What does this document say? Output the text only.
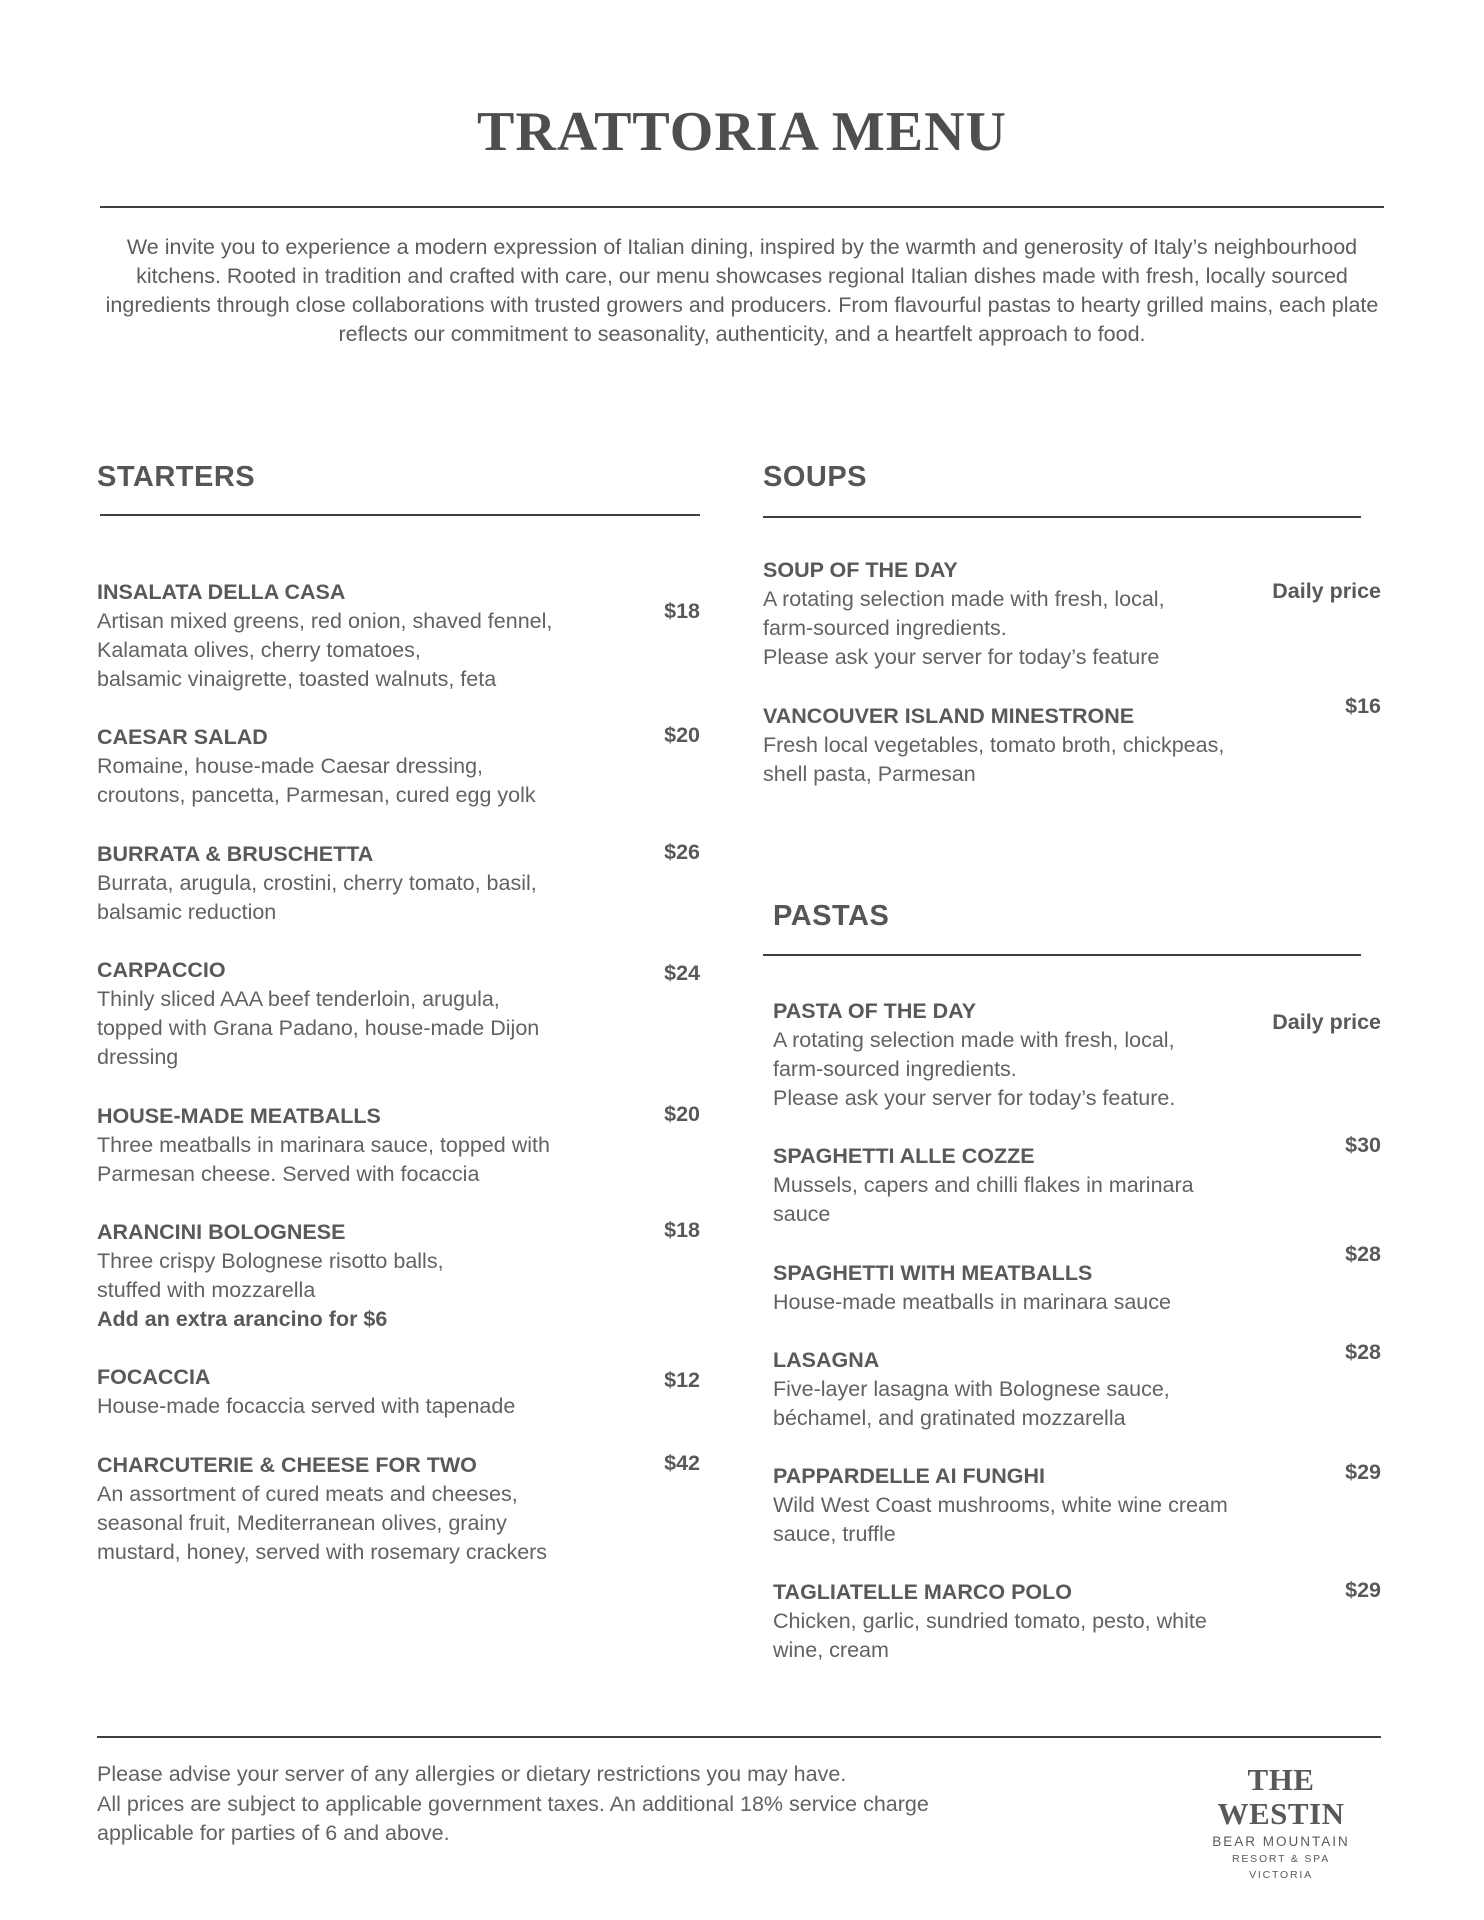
TRATTORIA MENU
We invite you to experience a modern expression of Italian dining, inspired by the warmth and generosity of Italy’s neighbourhood kitchens. Rooted in tradition and crafted with care, our menu showcases regional Italian dishes made with fresh, locally sourced ingredients through close collaborations with trusted growers and producers. From flavourful pastas to hearty grilled mains, each plate reflects our commitment to seasonality, authenticity, and a heartfelt approach to food.
STARTERS
INSALATA DELLA CASA
Artisan mixed greens, red onion, shaved fennel,
Kalamata olives, cherry tomatoes,
balsamic vinaigrette, toasted walnuts, feta
$18
CAESAR SALAD
Romaine, house-made Caesar dressing,
croutons, pancetta, Parmesan, cured egg yolk
$20
BURRATA & BRUSCHETTA
Burrata, arugula, crostini, cherry tomato, basil,
balsamic reduction
$26
CARPACCIO
Thinly sliced AAA beef tenderloin, arugula,
topped with Grana Padano, house-made Dijon
dressing
$24
HOUSE-MADE MEATBALLS
Three meatballs in marinara sauce, topped with
Parmesan cheese. Served with focaccia
$20
ARANCINI BOLOGNESE
Three crispy Bolognese risotto balls,
stuffed with mozzarella
Add an extra arancino for $6
$18
FOCACCIA
House-made focaccia served with tapenade
$12
CHARCUTERIE & CHEESE FOR TWO
An assortment of cured meats and cheeses,
seasonal fruit, Mediterranean olives, grainy
mustard, honey, served with rosemary crackers
$42
SOUPS
SOUP OF THE DAY
A rotating selection made with fresh, local,
farm-sourced ingredients.
Please ask your server for today’s feature
Daily price
VANCOUVER ISLAND MINESTRONE
Fresh local vegetables, tomato broth, chickpeas,
shell pasta, Parmesan
$16
PASTAS
PASTA OF THE DAY
A rotating selection made with fresh, local,
farm-sourced ingredients.
Please ask your server for today’s feature.
Daily price
SPAGHETTI ALLE COZZE
Mussels, capers and chilli flakes in marinara
sauce
$30
SPAGHETTI WITH MEATBALLS
House-made meatballs in marinara sauce
$28
LASAGNA
Five-layer lasagna with Bolognese sauce,
béchamel, and gratinated mozzarella
$28
PAPPARDELLE AI FUNGHI
Wild West Coast mushrooms, white wine cream
sauce, truffle
$29
TAGLIATELLE MARCO POLO
Chicken, garlic, sundried tomato, pesto, white
wine, cream
$29
Please advise your server of any allergies or dietary restrictions you may have.
All prices are subject to applicable government taxes. An additional 18% service charge
applicable for parties of 6 and above.
THE WESTIN
BEAR MOUNTAIN
RESORT & SPA
VICTORIA
